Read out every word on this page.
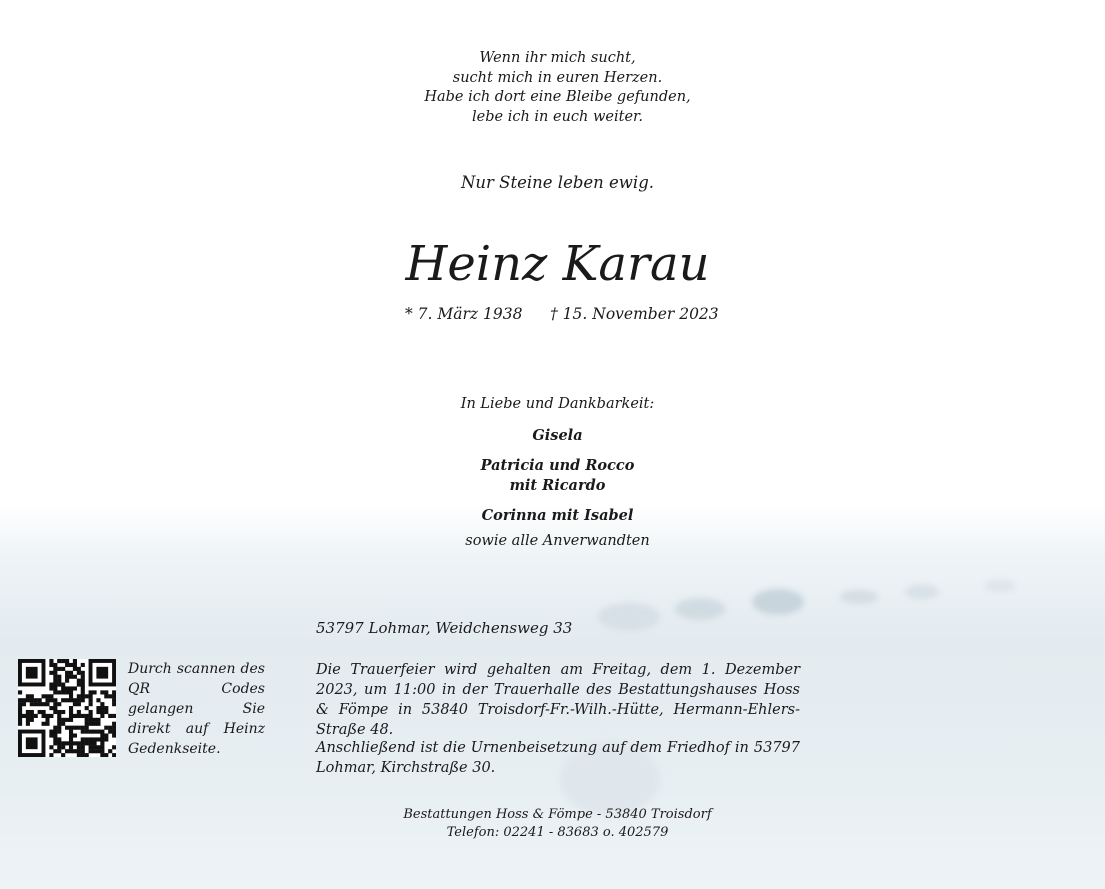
Wenn ihr mich sucht,
sucht mich in euren Herzen.
Habe ich dort eine Bleibe gefunden,
lebe ich in euch weiter.
Nur Steine leben ewig.
Heinz Karau
* 7. März 1938 † 15. November 2023
In Liebe und Dankbarkeit:
Gisela
Patricia und Rocco
mit Ricardo
Corinna mit Isabel
sowie alle Anverwandten
53797 Lohmar, Weidchensweg 33
Die Trauerfeier wird gehalten am Freitag, dem 1. Dezember 2023, um 11:00 in der Trauerhalle des Bestattungshauses Hoss & Fömpe in 53840 Troisdorf-Fr.-Wilh.-Hütte, Hermann-Ehlers-Straße 48.
Anschließend ist die Urnenbeisetzung auf dem Friedhof in 53797 Lohmar, Kirchstraße 30.
Bestattungen Hoss & Fömpe - 53840 Troisdorf
Telefon: 02241 - 83683 o. 402579
Durch scannen des QR Codes gelangen Sie direkt auf Heinz Gedenkseite.
